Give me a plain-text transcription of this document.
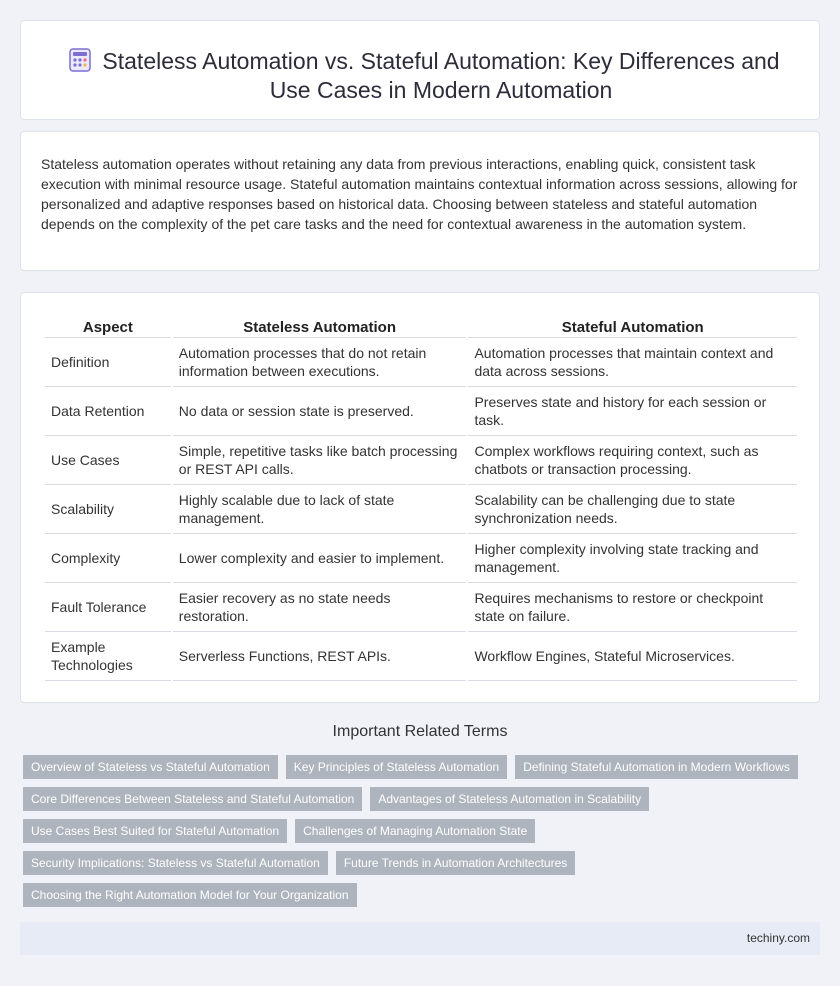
Stateless Automation vs. Stateful Automation: Key Differences and Use Cases in Modern Automation

Stateless automation operates without retaining any data from previous interactions, enabling quick, consistent task execution with minimal resource usage. Stateful automation maintains contextual information across sessions, allowing for personalized and adaptive responses based on historical data. Choosing between stateless and stateful automation depends on the complexity of the pet care tasks and the need for contextual awareness in the automation system.

Aspect	Stateless Automation	Stateful Automation
Definition	Automation processes that do not retain information between executions.	Automation processes that maintain context and data across sessions.
Data Retention	No data or session state is preserved.	Preserves state and history for each session or task.
Use Cases	Simple, repetitive tasks like batch processing or REST API calls.	Complex workflows requiring context, such as chatbots or transaction processing.
Scalability	Highly scalable due to lack of state management.	Scalability can be challenging due to state synchronization needs.
Complexity	Lower complexity and easier to implement.	Higher complexity involving state tracking and management.
Fault Tolerance	Easier recovery as no state needs restoration.	Requires mechanisms to restore or checkpoint state on failure.
Example Technologies	Serverless Functions, REST APIs.	Workflow Engines, Stateful Microservices.
Important Related Terms
Overview of Stateless vs Stateful Automation	Key Principles of Stateless Automation	Defining Stateful Automation in Modern Workflows
Core Differences Between Stateless and Stateful Automation	Advantages of Stateless Automation in Scalability
Use Cases Best Suited for Stateful Automation	Challenges of Managing Automation State
Security Implications: Stateless vs Stateful Automation	Future Trends in Automation Architectures
Choosing the Right Automation Model for Your Organization
techiny.com
